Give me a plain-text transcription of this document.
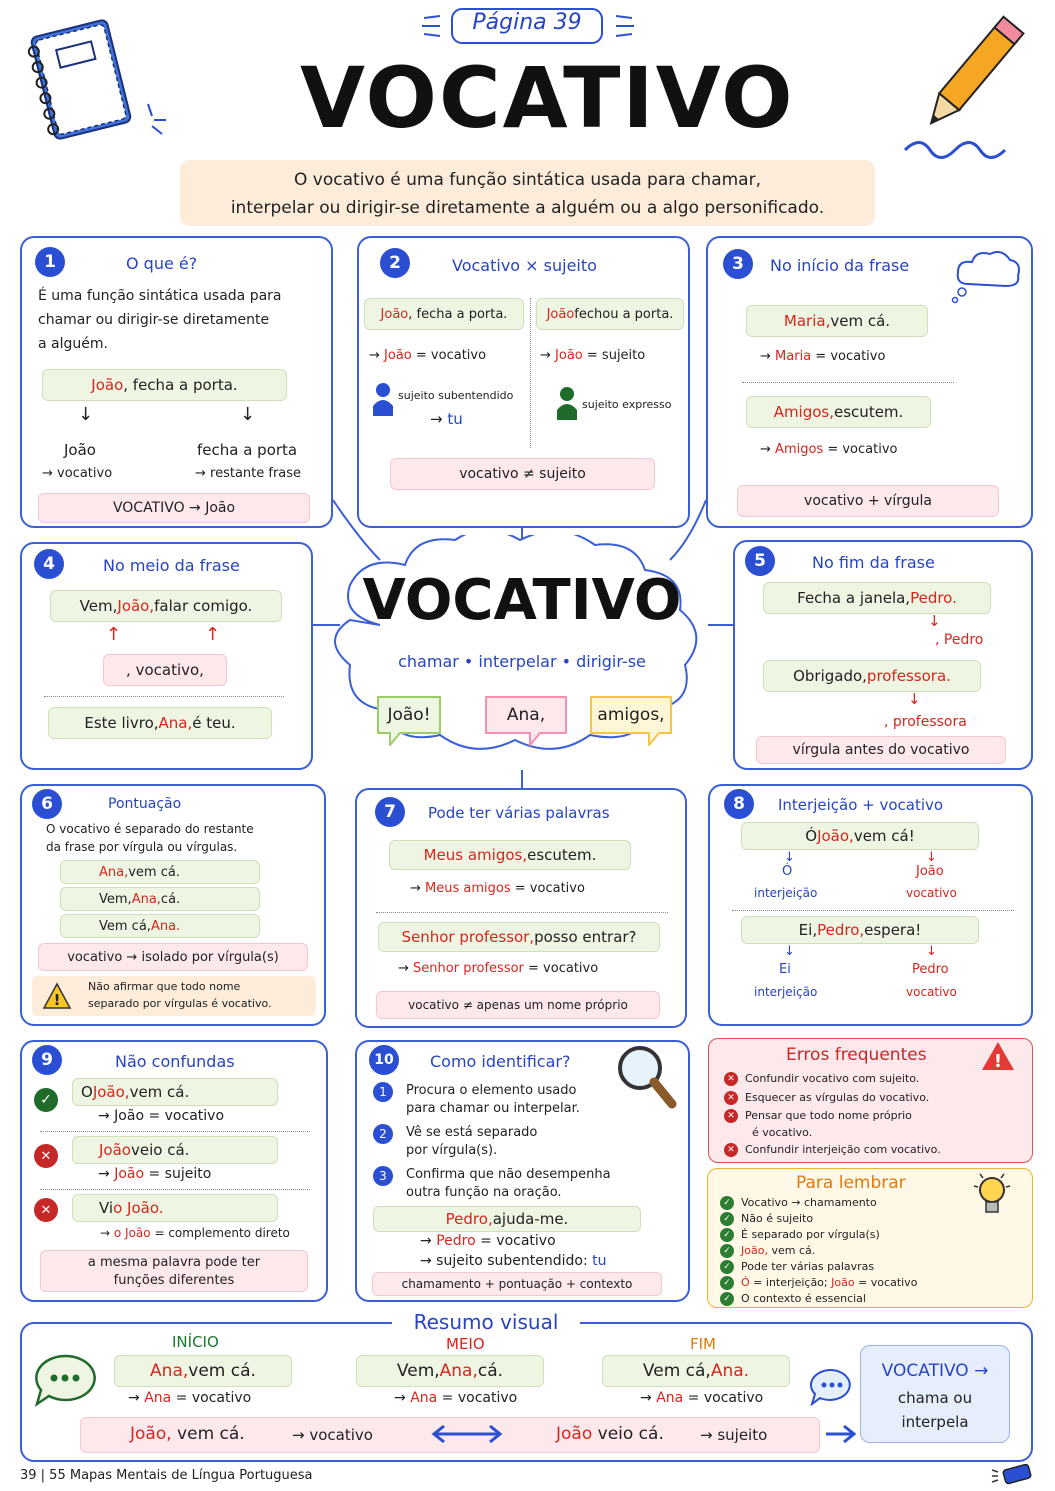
Página 39
VOCATIVO
O vocativo é uma função sintática usada para chamar,
interpelar ou dirigir-se diretamente a alguém ou a algo personificado.
1	O que é?
É uma função sintática usada para
chamar ou dirigir-se diretamente
a alguém.
João , fecha a porta.
↓	↓
João
→ vocativo
fecha a porta
→ restante frase
VOCATIVO → João
2	Vocativo × sujeito
João , fecha a porta.	João fechou a porta.
→ João = vocativo	→ João = sujeito
sujeito subentendido
→ tu
sujeito expresso
vocativo ≠ sujeito
3	No início da frase
Maria, vem cá.
→ Maria = vocativo
Amigos, escutem.
→ Amigos = vocativo
vocativo + vírgula
4	No meio da frase
Vem, João, falar comigo.
↑	↑
, vocativo,
Este livro, Ana, é teu.
VOCATIVO
chamar • interpelar • dirigir-se
João!	Ana,	amigos,
5	No fim da frase
Fecha a janela, Pedro.
↓
, Pedro
Obrigado, professora.
↓
, professora
vírgula antes do vocativo
6	Pontuação
O vocativo é separado do restante
da frase por vírgula ou vírgulas.
Ana, vem cá.
Vem, Ana, cá.
Vem cá, Ana.
vocativo → isolado por vírgula(s)
!
Não afirmar que todo nome
separado por vírgulas é vocativo.
7	Pode ter várias palavras
Meus amigos, escutem.
→ Meus amigos = vocativo
Senhor professor, posso entrar?
→ Senhor professor = vocativo
vocativo ≠ apenas um nome próprio
8	Interjeição + vocativo
Ó João, vem cá!
↓
Ó
interjeição
↓
João
vocativo
Ei, Pedro, espera!
↓
Ei
interjeição
↓
Pedro
vocativo
9	Não confundas
✓	O João, vem cá.
→ João = vocativo
✕	João veio cá.
→ João = sujeito
✕	Vi o João.
→ o João = complemento direto
a mesma palavra pode ter
funções diferentes
10	Como identificar?
1	Procura o elemento usado
para chamar ou interpelar.
2	Vê se está separado
por vírgula(s).
3	Confirma que não desempenha
outra função na oração.
Pedro, ajuda-me.
→ Pedro = vocativo
→ sujeito subentendido: tu
chamamento + pontuação + contexto
Erros frequentes	!
✕ Confundir vocativo com sujeito.
✕ Esquecer as vírgulas do vocativo.
✕ Pensar que todo nome próprio
é vocativo.
✕ Confundir interjeição com vocativo.
Para lembrar
✓ Vocativo → chamamento
✓ Não é sujeito
✓ É separado por vírgula(s)
✓ João, vem cá.
✓ Pode ter várias palavras
✓ Ó = interjeição; João = vocativo
✓ O contexto é essencial
Resumo visual
INÍCIO
Ana, vem cá.
→ Ana = vocativo
MEIO
Vem, Ana, cá.
→ Ana = vocativo
FIM
Vem cá, Ana.
→ Ana = vocativo
VOCATIVO →
chama ou
interpela
João, vem cá.	→ vocativo	João veio cá. → sujeito
39 | 55 Mapas Mentais de Língua Portuguesa
